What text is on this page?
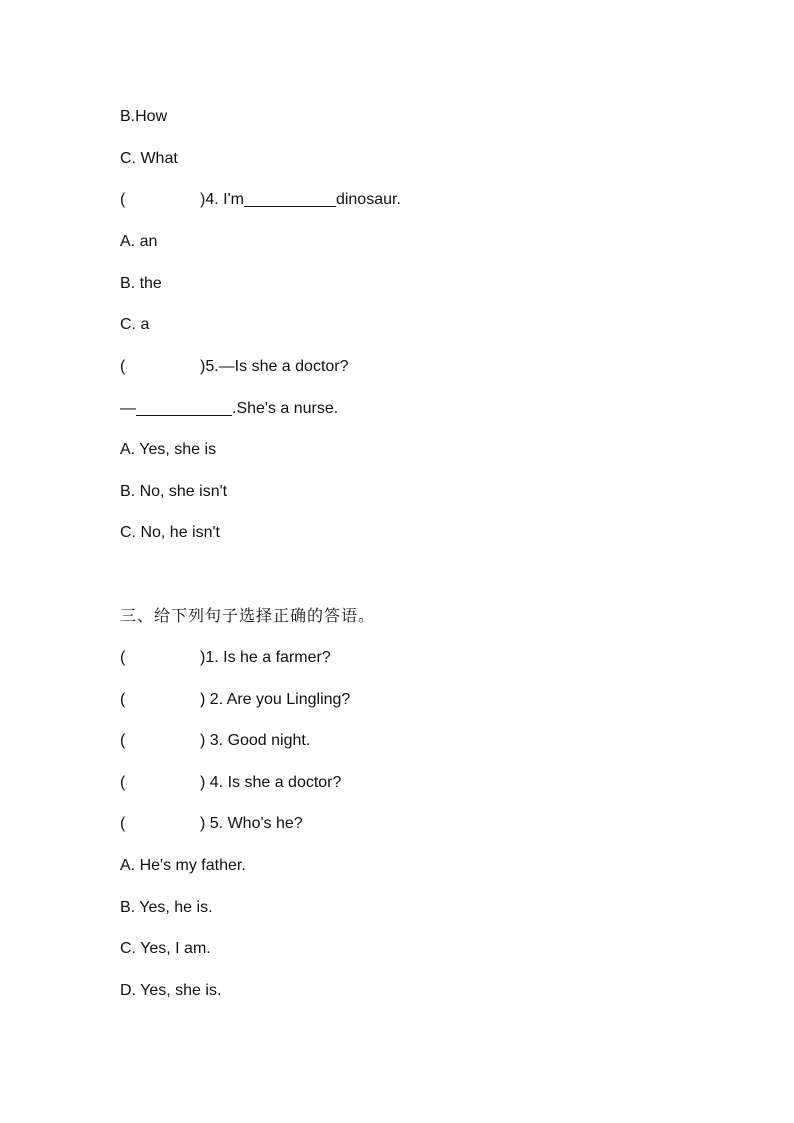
B.How
C. What
(	)4. I'm	dinosaur.
A. an
B. the
C. a
(	)5.—Is she a doctor?
—	.She's a nurse.
A. Yes, she is
B. No, she isn't
C. No, he isn't
三、给下列句子选择正确的答语。
(	)1. Is he a farmer?
(	) 2. Are you Lingling?
(	) 3. Good night.
(	) 4. Is she a doctor?
(	) 5. Who's he?
A. He's my father.
B. Yes, he is.
C. Yes, I am.
D. Yes, she is.
